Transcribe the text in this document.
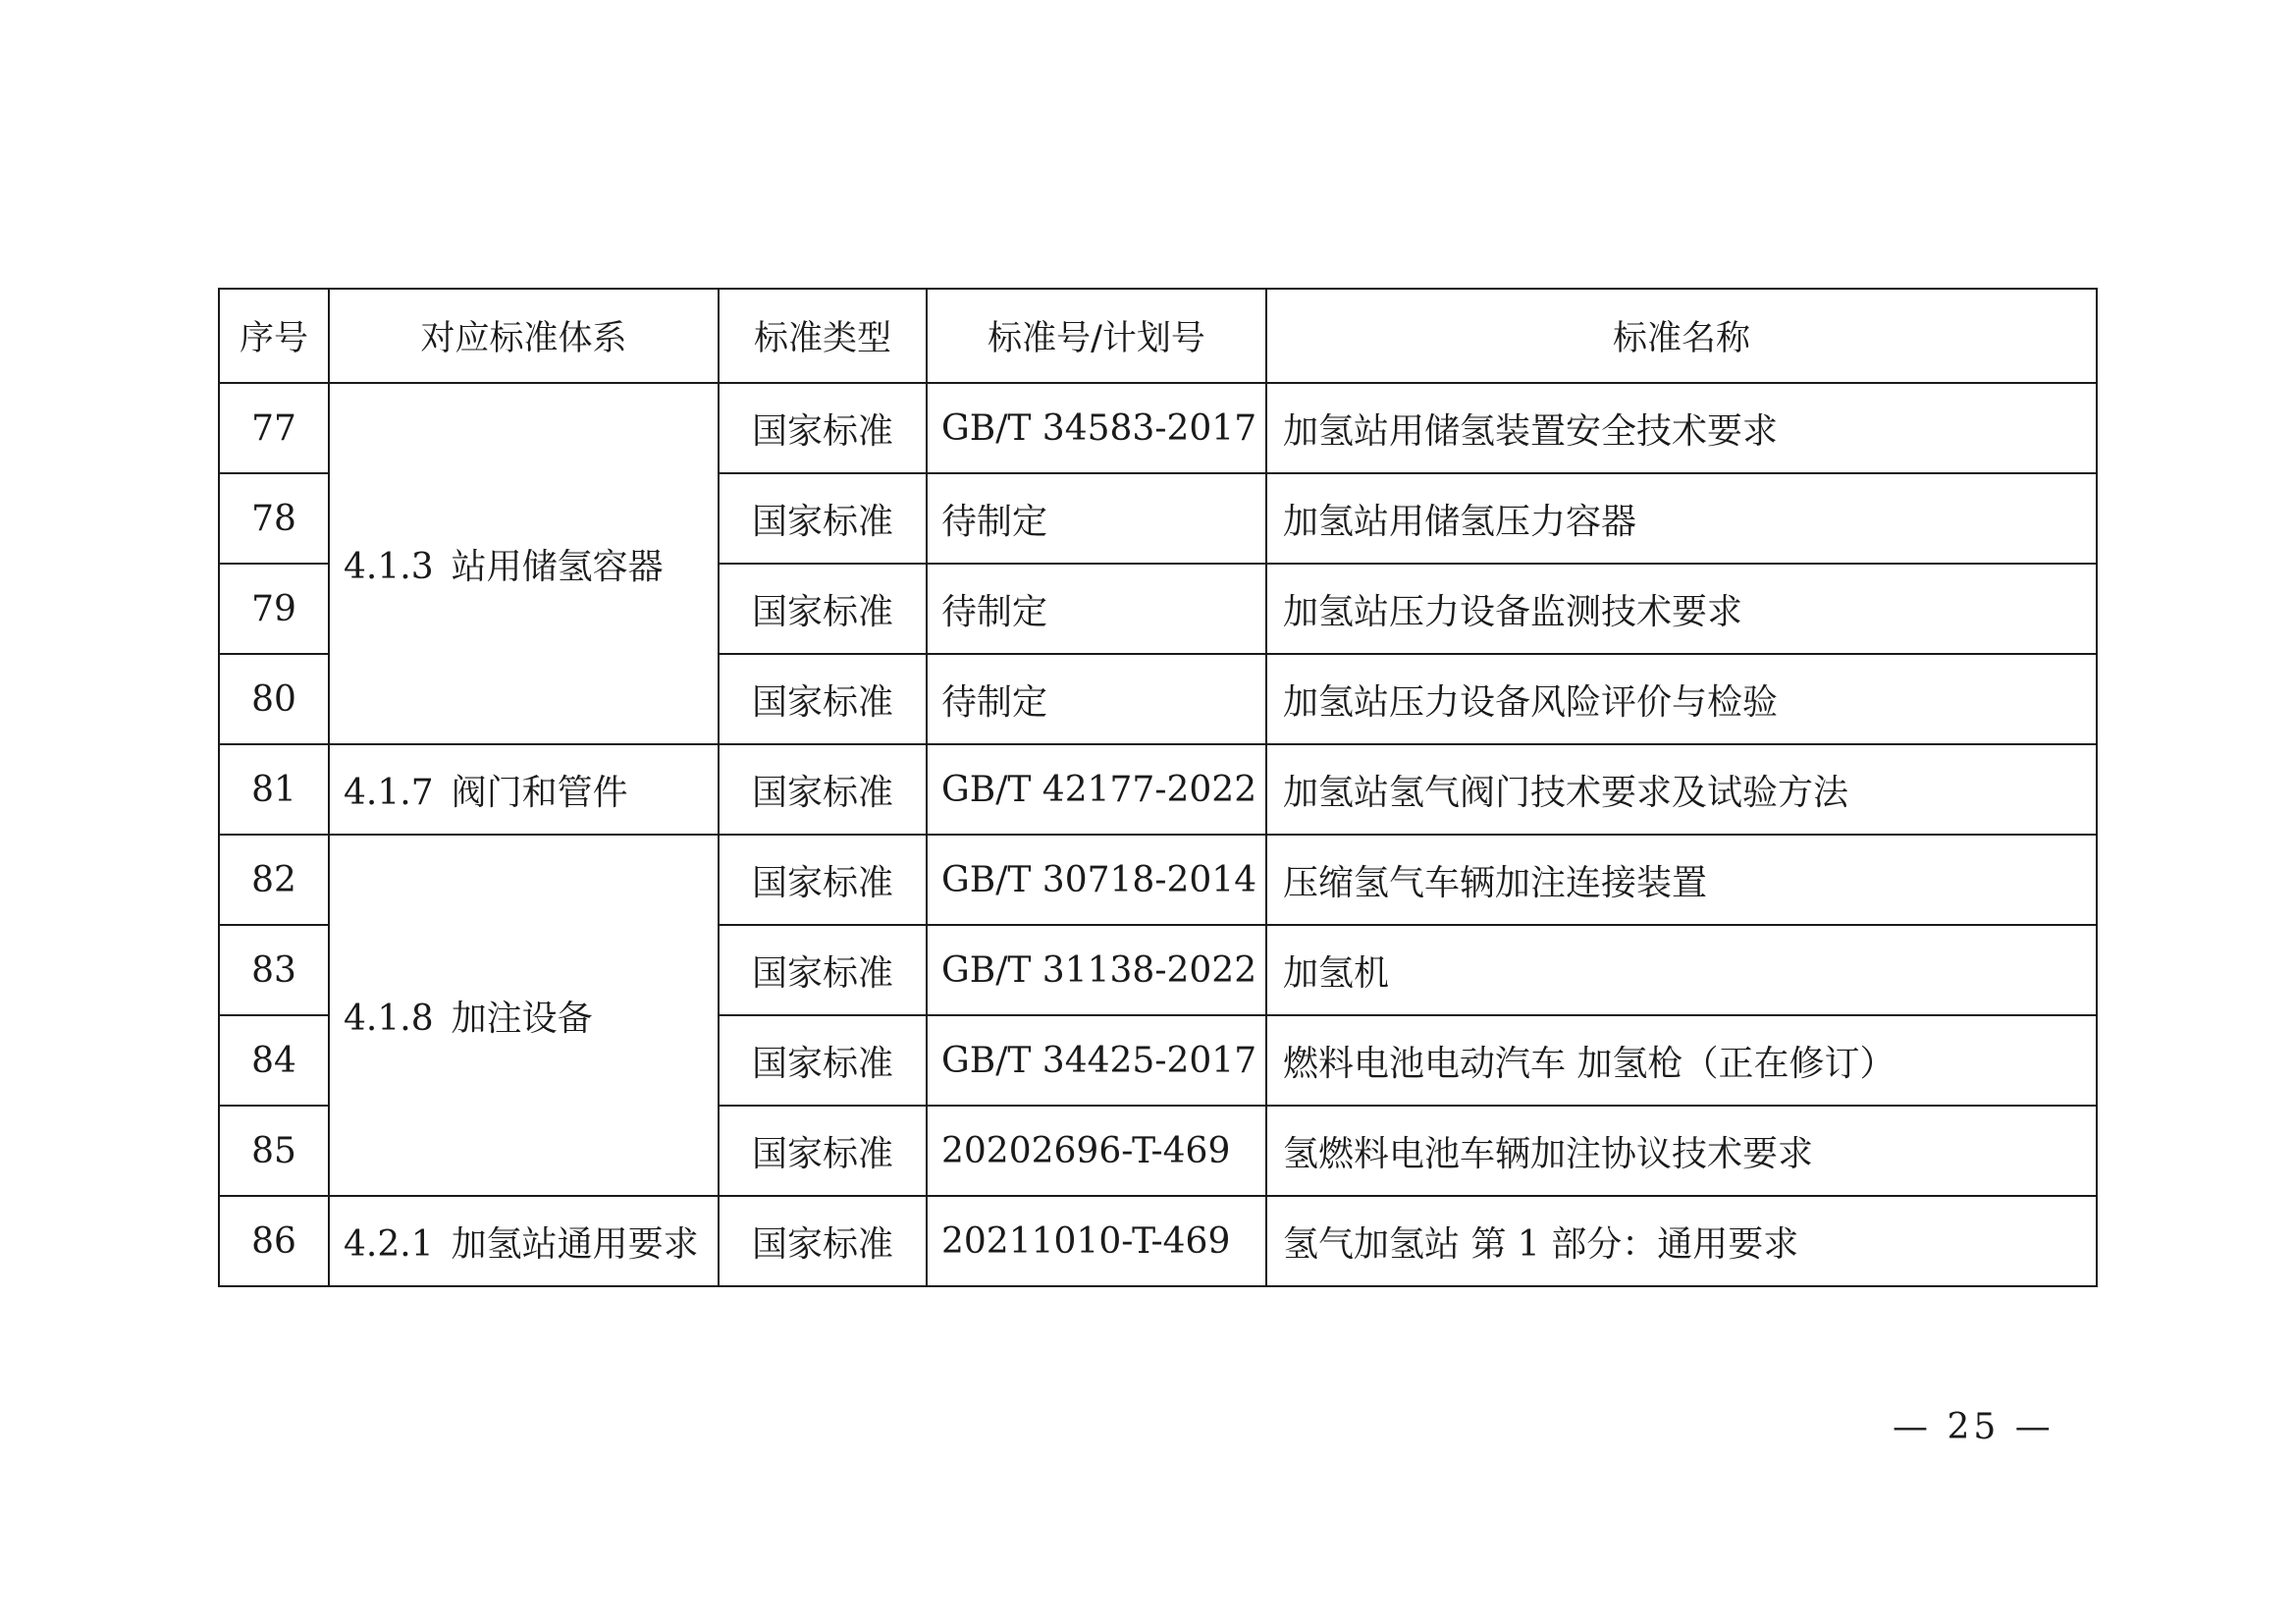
序号	对应标准体系	标准类型	标准号/计划号	标准名称
77	4.1.3 站用储氢容器	国家标准	GB/T 34583-2017	加氢站用储氢装置安全技术要求
78		国家标准	待制定	加氢站用储氢压力容器
79		国家标准	待制定	加氢站压力设备监测技术要求
80		国家标准	待制定	加氢站压力设备风险评价与检验
81	4.1.7 阀门和管件	国家标准	GB/T 42177-2022	加氢站氢气阀门技术要求及试验方法
82	4.1.8 加注设备	国家标准	GB/T 30718-2014	压缩氢气车辆加注连接装置
83		国家标准	GB/T 31138-2022	加氢机
84		国家标准	GB/T 34425-2017	燃料电池电动汽车 加氢枪（正在修订）
85		国家标准	20202696-T-469	氢燃料电池车辆加注协议技术要求
86	4.2.1 加氢站通用要求	国家标准	20211010-T-469	氢气加氢站 第 1 部分：通用要求
— 25 —
